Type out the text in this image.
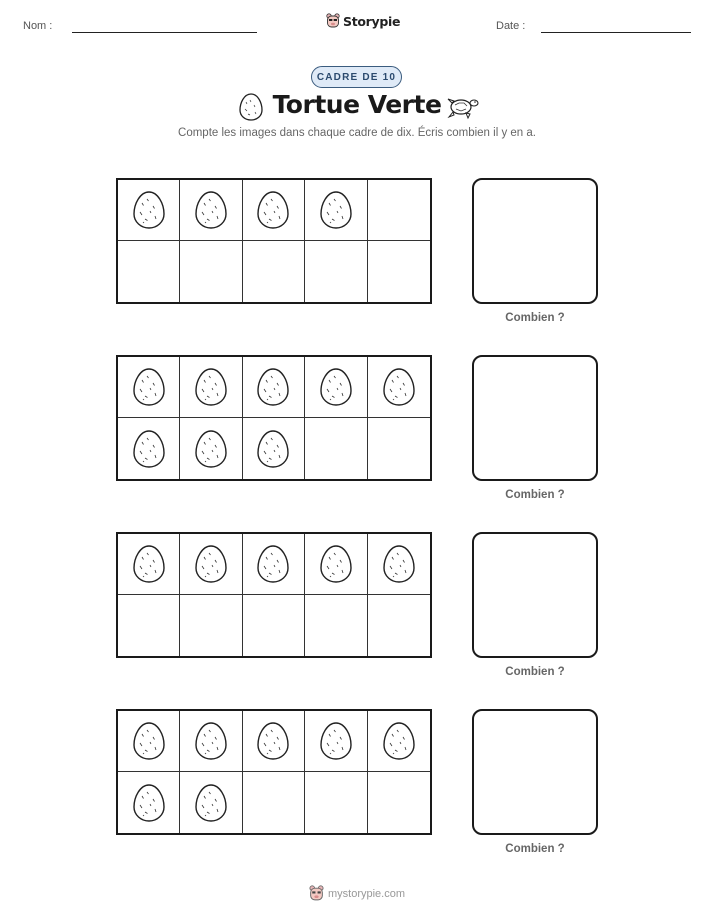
Nom :	Storypie	Date :
CADRE DE 10
Tortue Verte
Compte les images dans chaque cadre de dix. Écris combien il y en a.
Combien ?
Combien ?
Combien ?
Combien ?
mystorypie.com
